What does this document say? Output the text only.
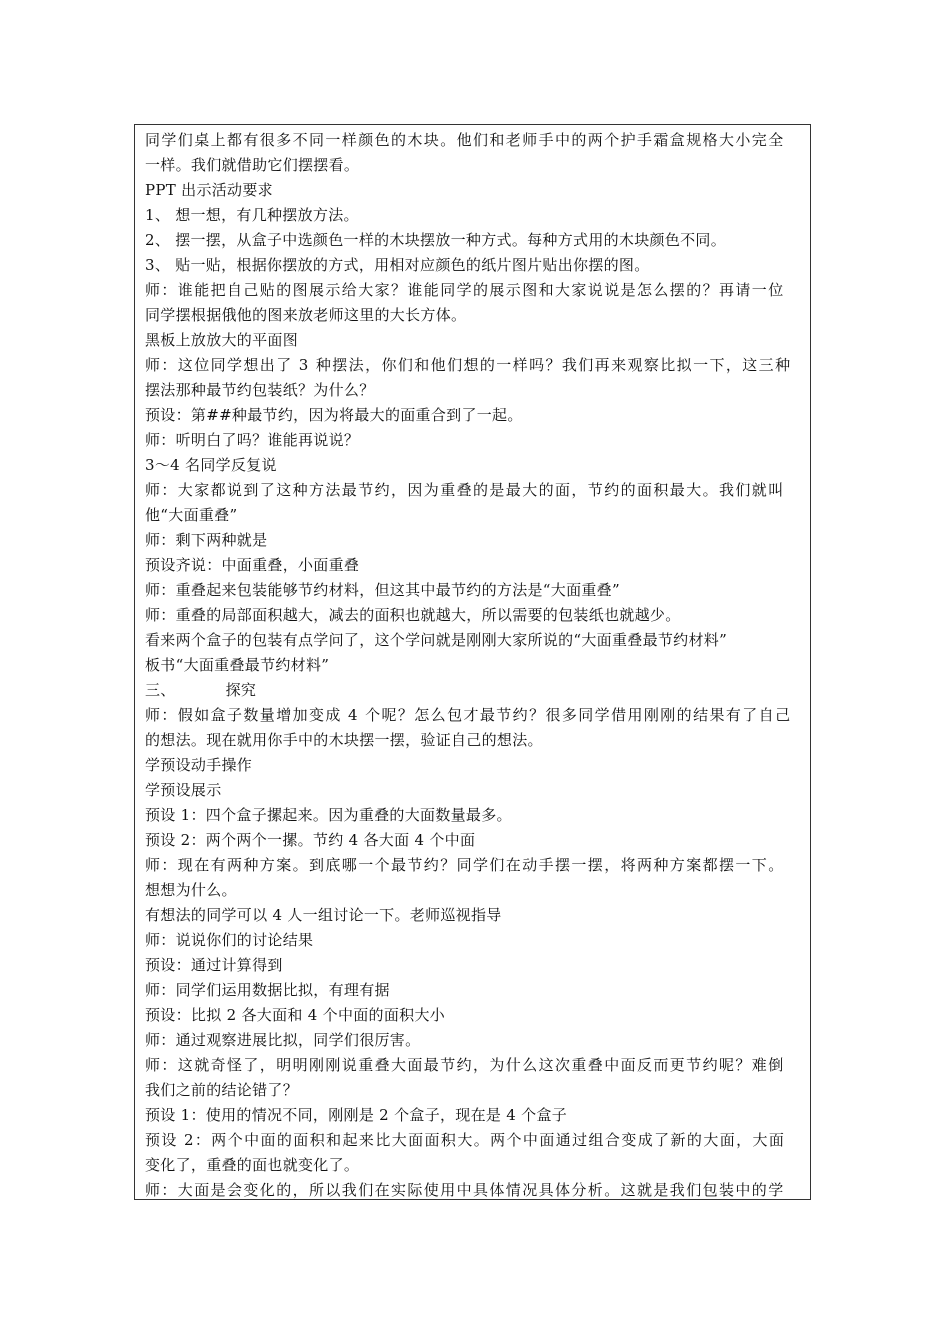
同学们桌上都有很多不同一样颜色的木块。他们和老师手中的两个护手霜盒规格大小完全
一样。我们就借助它们摆摆看。
PPT 出示活动要求
1、 想一想，有几种摆放方法。
2、 摆一摆，从盒子中选颜色一样的木块摆放一种方式。每种方式用的木块颜色不同。
3、 贴一贴，根据你摆放的方式，用相对应颜色的纸片图片贴出你摆的图。
师：谁能把自己贴的图展示给大家？谁能同学的展示图和大家说说是怎么摆的？再请一位
同学摆根据俄他的图来放老师这里的大长方体。
黑板上放放大的平面图
师：这位同学想出了 3 种摆法，你们和他们想的一样吗？我们再来观察比拟一下，这三种
摆法那种最节约包装纸？为什么？
预设：第##种最节约，因为将最大的面重合到了一起。
师：听明白了吗？谁能再说说？
3～4 名同学反复说
师：大家都说到了这种方法最节约，因为重叠的是最大的面，节约的面积最大。我们就叫
他“大面重叠”
师：剩下两种就是
预设齐说：中面重叠，小面重叠
师：重叠起来包装能够节约材料，但这其中最节约的方法是“大面重叠”
师：重叠的局部面积越大，减去的面积也就越大，所以需要的包装纸也就越少。
看来两个盒子的包装有点学问了，这个学问就是刚刚大家所说的“大面重叠最节约材料”
板书“大面重叠最节约材料”
三、	探究
师：假如盒子数量增加变成 4 个呢？怎么包才最节约？很多同学借用刚刚的结果有了自己
的想法。现在就用你手中的木块摆一摆，验证自己的想法。
学预设动手操作
学预设展示
预设 1：四个盒子摞起来。因为重叠的大面数量最多。
预设 2：两个两个一摞。节约 4 各大面 4 个中面
师：现在有两种方案。到底哪一个最节约？同学们在动手摆一摆，将两种方案都摆一下。
想想为什么。
有想法的同学可以 4 人一组讨论一下。老师巡视指导
师：说说你们的讨论结果
预设：通过计算得到
师：同学们运用数据比拟，有理有据
预设：比拟 2 各大面和 4 个中面的面积大小
师：通过观察进展比拟，同学们很厉害。
师：这就奇怪了，明明刚刚说重叠大面最节约，为什么这次重叠中面反而更节约呢？难倒
我们之前的结论错了？
预设 1：使用的情况不同，刚刚是 2 个盒子，现在是 4 个盒子
预设 2：两个中面的面积和起来比大面面积大。两个中面通过组合变成了新的大面，大面
变化了，重叠的面也就变化了。
师：大面是会变化的，所以我们在实际使用中具体情况具体分析。这就是我们包装中的学
